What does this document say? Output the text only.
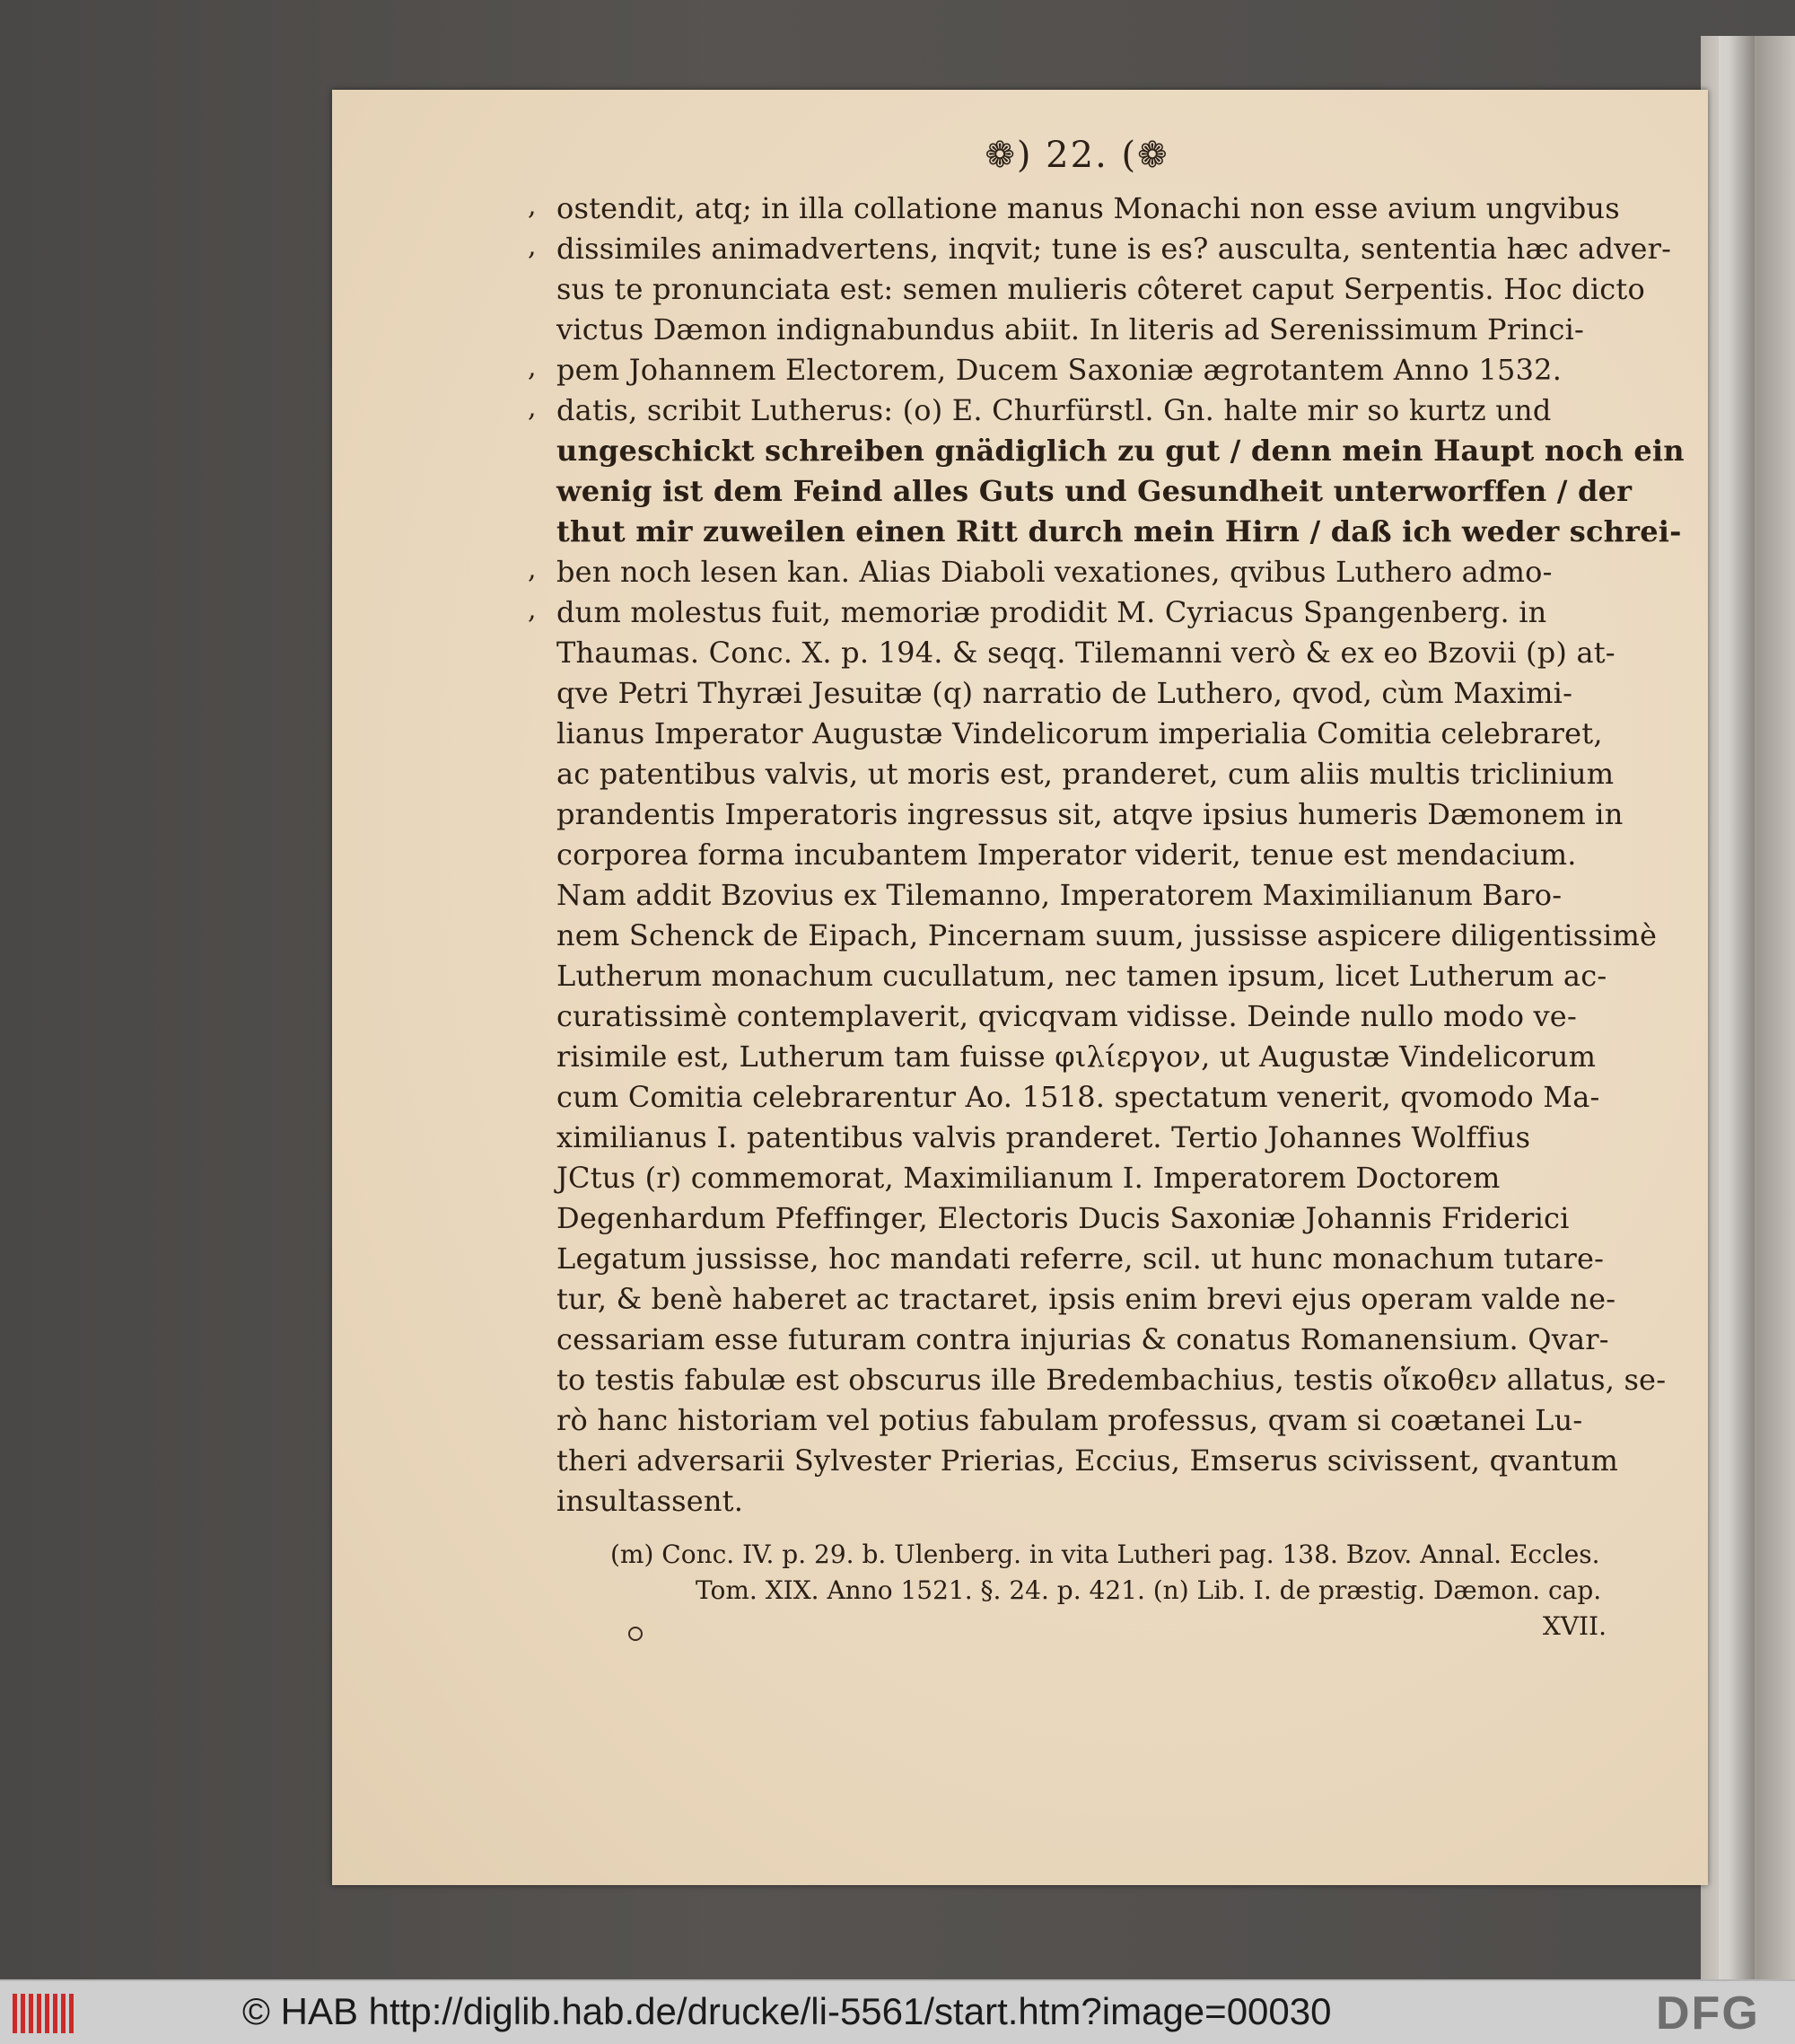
❁) 22. (❁
,
,
,
,
,
,
ostendit, atq; in illa collatione manus Monachi non esse avium ungvibus
dissimiles animadvertens, inqvit; tune is es? ausculta, sententia hæc adver-
sus te pronunciata est: semen mulieris côteret caput Serpentis. Hoc dicto
victus Dæmon indignabundus abiit. In literis ad Serenissimum Princi-
pem Johannem Electorem, Ducem Saxoniæ ægrotantem Anno 1532.
datis, scribit Lutherus: (o) E. Churfürstl. Gn. halte mir so kurtz und
ungeschickt schreiben gnädiglich zu gut / denn mein Haupt noch ein
wenig ist dem Feind alles Guts und Gesundheit unterworffen / der
thut mir zuweilen einen Ritt durch mein Hirn / daß ich weder schrei-
ben noch lesen kan. Alias Diaboli vexationes, qvibus Luthero admo-
dum molestus fuit, memoriæ prodidit M. Cyriacus Spangenberg. in
Thaumas. Conc. X. p. 194. & seqq. Tilemanni verò & ex eo Bzovii (p) at-
qve Petri Thyræi Jesuitæ (q) narratio de Luthero, qvod, cùm Maximi-
lianus Imperator Augustæ Vindelicorum imperialia Comitia celebraret,
ac patentibus valvis, ut moris est, pranderet, cum aliis multis triclinium
prandentis Imperatoris ingressus sit, atqve ipsius humeris Dæmonem in
corporea forma incubantem Imperator viderit, tenue est mendacium.
Nam addit Bzovius ex Tilemanno, Imperatorem Maximilianum Baro-
nem Schenck de Eipach, Pincernam suum, jussisse aspicere diligentissimè
Lutherum monachum cucullatum, nec tamen ipsum, licet Lutherum ac-
curatissimè contemplaverit, qvicqvam vidisse. Deinde nullo modo ve-
risimile est, Lutherum tam fuisse φιλίεργον, ut Augustæ Vindelicorum
cum Comitia celebrarentur Ao. 1518. spectatum venerit, qvomodo Ma-
ximilianus I. patentibus valvis pranderet. Tertio Johannes Wolffius
JCtus (r) commemorat, Maximilianum I. Imperatorem Doctorem
Degenhardum Pfeffinger, Electoris Ducis Saxoniæ Johannis Friderici
Legatum jussisse, hoc mandati referre, scil. ut hunc monachum tutare-
tur, & benè haberet ac tractaret, ipsis enim brevi ejus operam valde ne-
cessariam esse futuram contra injurias & conatus Romanensium. Qvar-
to testis fabulæ est obscurus ille Bredembachius, testis οἴκοθεν allatus, se-
rò hanc historiam vel potius fabulam professus, qvam si coætanei Lu-
theri adversarii Sylvester Prierias, Eccius, Emserus scivissent, qvantum
insultassent.
(m) Conc. IV. p. 29. b. Ulenberg. in vita Lutheri pag. 138. Bzov. Annal. Eccles.
Tom. XIX. Anno 1521. §. 24. p. 421. (n) Lib. I. de præstig. Dæmon. cap.
XVII.
© HAB http://diglib.hab.de/drucke/li-5561/start.htm?image=00030	DFG
